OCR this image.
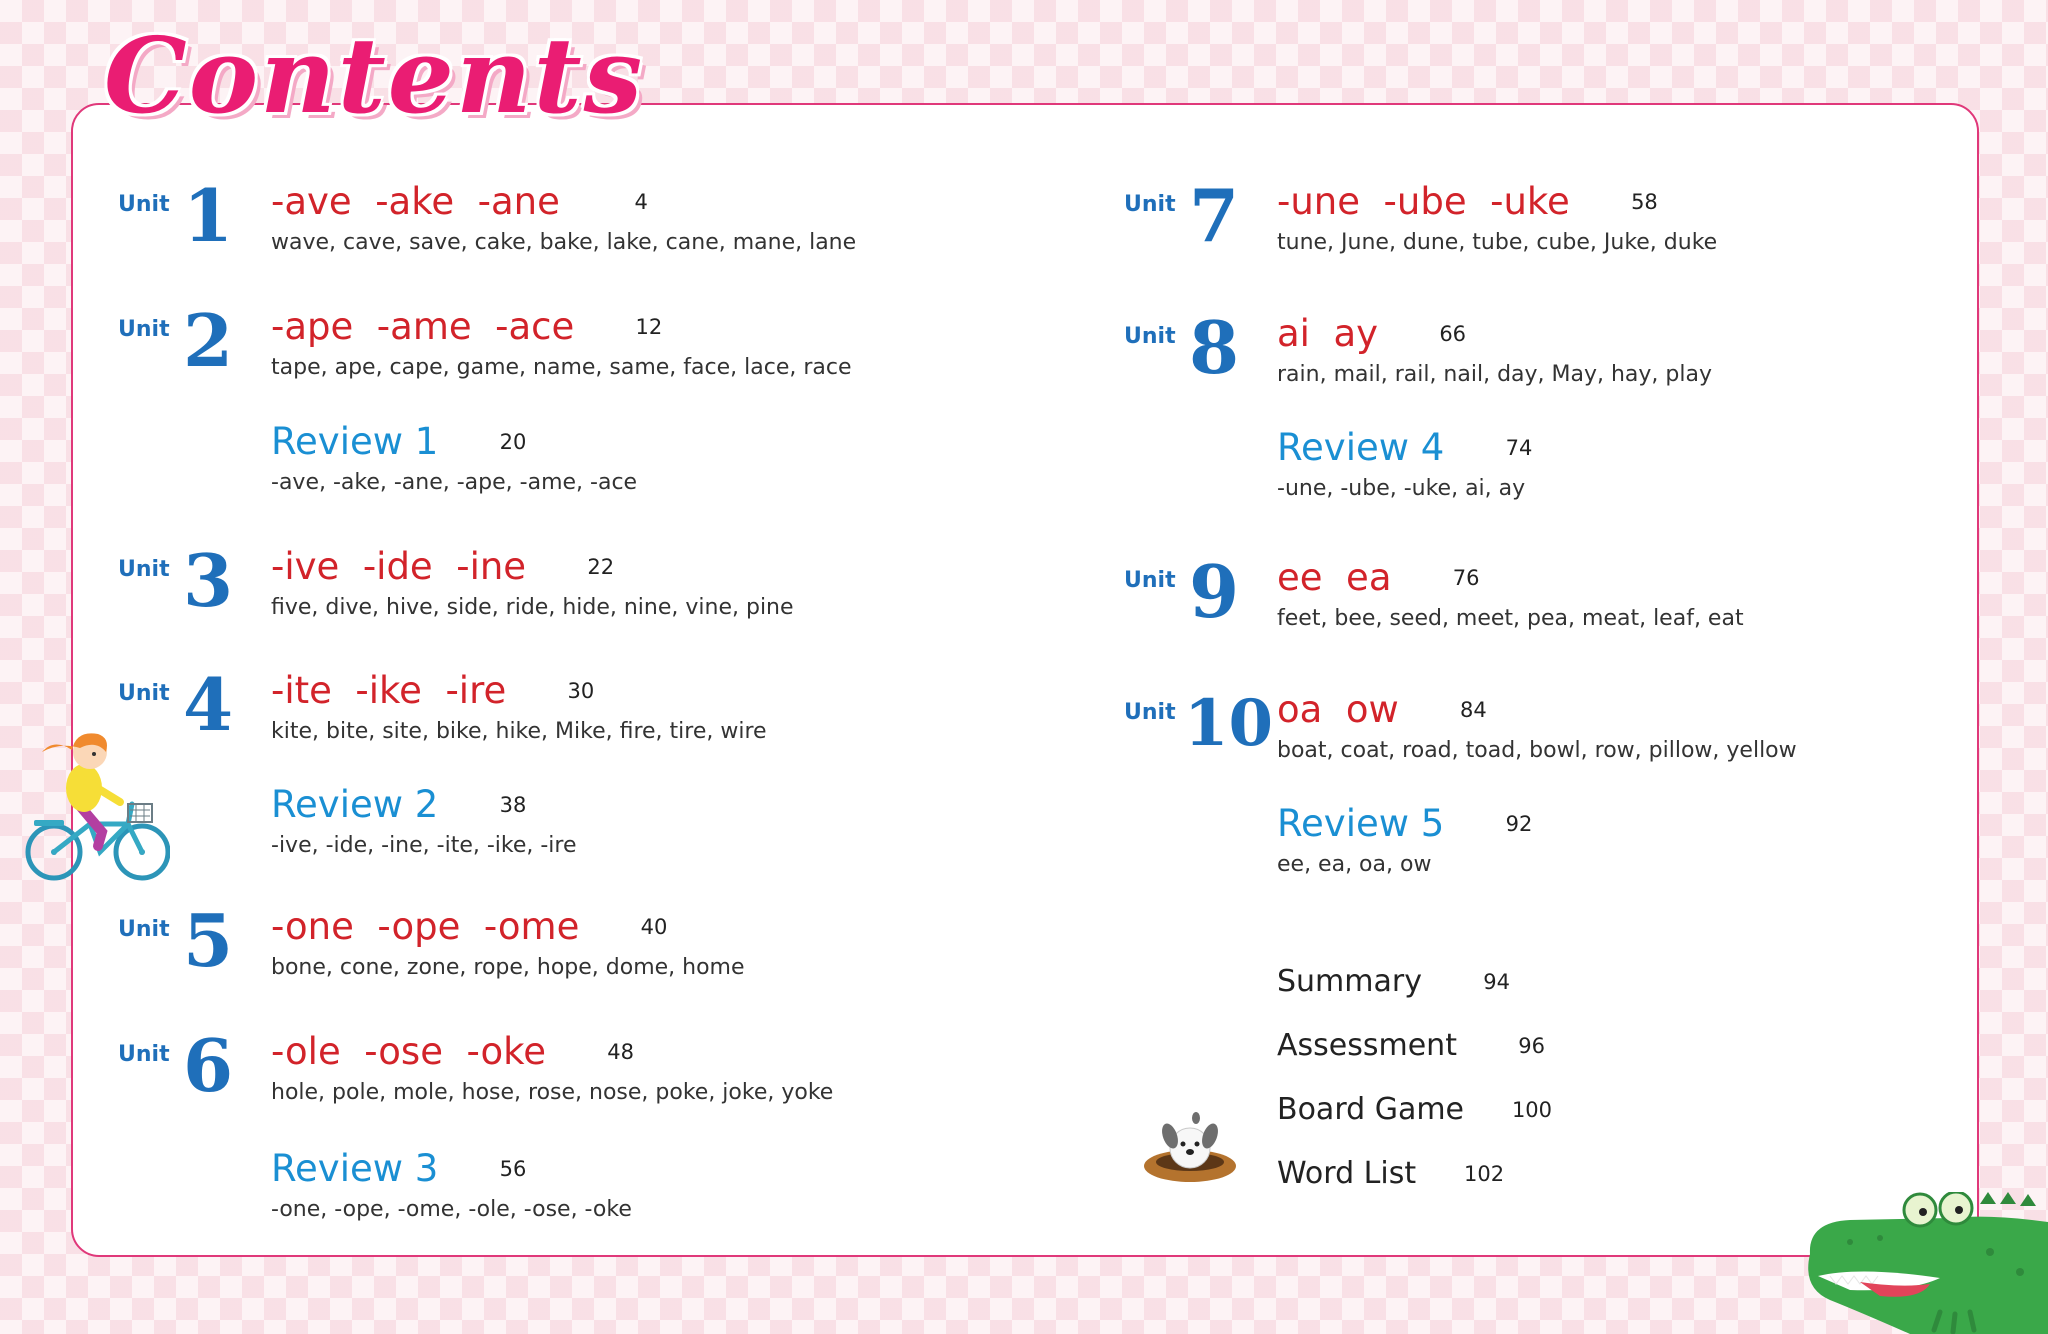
Contents
Unit 1 -ave  -ake  -ane	4
wave, cave, save, cake, bake, lake, cane, mane, lane
Unit 2 -ape  -ame  -ace	12
tape, ape, cape, game, name, same, face, lace, race
Review 1	20
-ave, -ake, -ane, -ape, -ame, -ace
Unit 3 -ive  -ide  -ine	22
five, dive, hive, side, ride, hide, nine, vine, pine
Unit 4 -ite  -ike  -ire	30
kite, bite, site, bike, hike, Mike, fire, tire, wire
Review 2	38
-ive, -ide, -ine, -ite, -ike, -ire
Unit 5 -one  -ope  -ome	40
bone, cone, zone, rope, hope, dome, home
Unit 6 -ole  -ose  -oke	48
hole, pole, mole, hose, rose, nose, poke, joke, yoke
Review 3	56
-one, -ope, -ome, -ole, -ose, -oke
Unit 7 -une  -ube  -uke	58
tune, June, dune, tube, cube, Juke, duke
Unit 8 ai  ay	66
rain, mail, rail, nail, day, May, hay, play
Review 4	74
-une, -ube, -uke, ai, ay
Unit 9 ee  ea	76
feet, bee, seed, meet, pea, meat, leaf, eat
Unit 10 oa  ow	84
boat, coat, road, toad, bowl, row, pillow, yellow
Review 5	92
ee, ea, oa, ow
Summary	94
Assessment	96
Board Game	100
Word List	102
